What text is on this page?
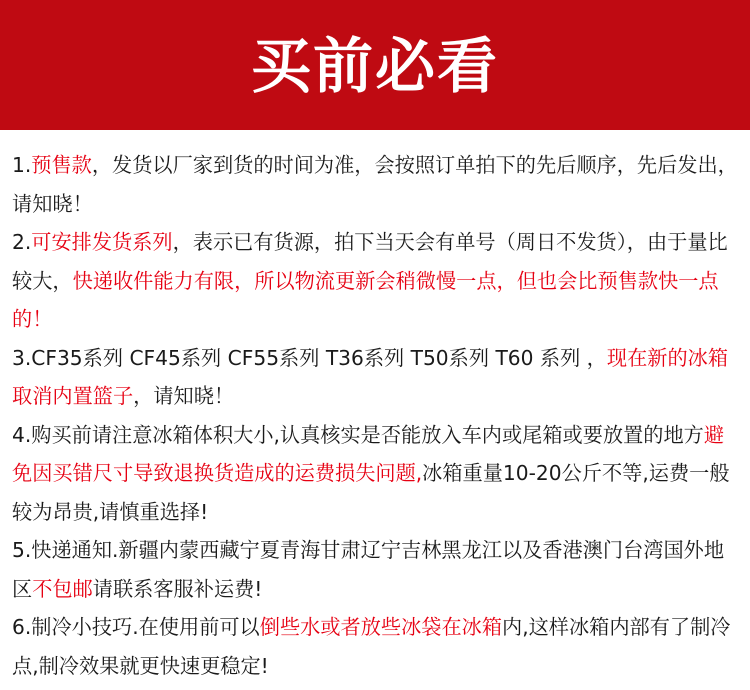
买前必看
1.预售款，发货以厂家到货的时间为准，会按照订单拍下的先后顺序，先后发出，请知晓！
2.可安排发货系列，表示已有货源，拍下当天会有单号（周日不发货），由于量比较大，快递收件能力有限，所以物流更新会稍微慢一点，但也会比预售款快一点的！
3.CF35系列 CF45系列 CF55系列 T36系列 T50系列 T60 系列 ，现在新的冰箱取消内置篮子，请知晓！
4.购买前请注意冰箱体积大小,认真核实是否能放入车内或尾箱或要放置的地方避免因买错尺寸导致退换货造成的运费损失问题,冰箱重量10-20公斤不等,运费一般较为昂贵,请慎重选择!
5.快递通知.新疆内蒙西藏宁夏青海甘肃辽宁吉林黑龙江以及香港澳门台湾国外地区不包邮请联系客服补运费!
6.制冷小技巧.在使用前可以倒些水或者放些冰袋在冰箱内,这样冰箱内部有了制冷点,制冷效果就更快速更稳定!
